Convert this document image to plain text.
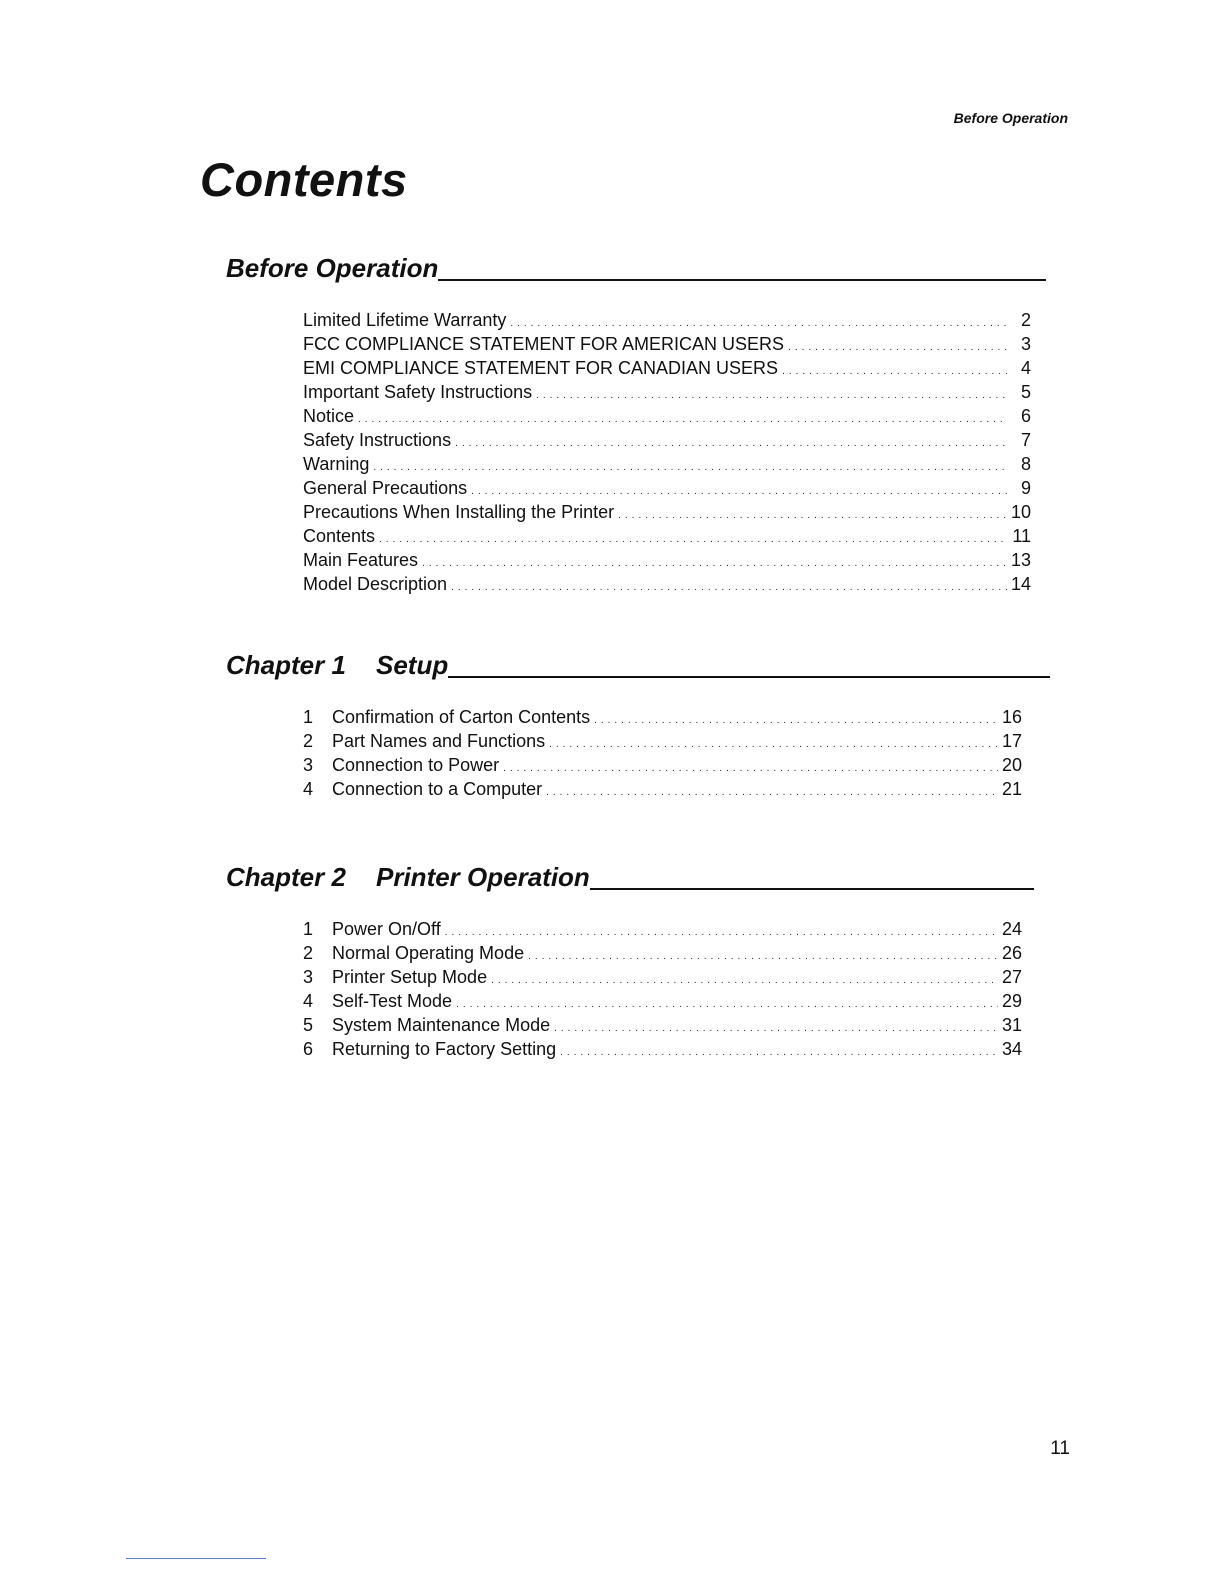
Before Operation
Contents
Before Operation
Limited Lifetime Warranty . . .	2
FCC COMPLIANCE STATEMENT FOR AMERICAN USERS . . .	3
EMI COMPLIANCE STATEMENT FOR CANADIAN USERS . . .	4
Important Safety Instructions . . .	5
Notice . . .	6
Safety Instructions . . .	7
Warning . . .	8
General Precautions . . .	9
Precautions When Installing the Printer . . .	10
Contents . . .	11
Main Features . . .	13
Model Description . . .	14
Chapter 1	Setup
1	Confirmation of Carton Contents . . .	16
2	Part Names and Functions . . .	17
3	Connection to Power . . .	20
4	Connection to a Computer . . .	21
Chapter 2	Printer Operation
1	Power On/Off . . .	24
2	Normal Operating Mode . . .	26
3	Printer Setup Mode . . .	27
4	Self-Test Mode . . .	29
5	System Maintenance Mode . . .	31
6	Returning to Factory Setting . . .	34
11
